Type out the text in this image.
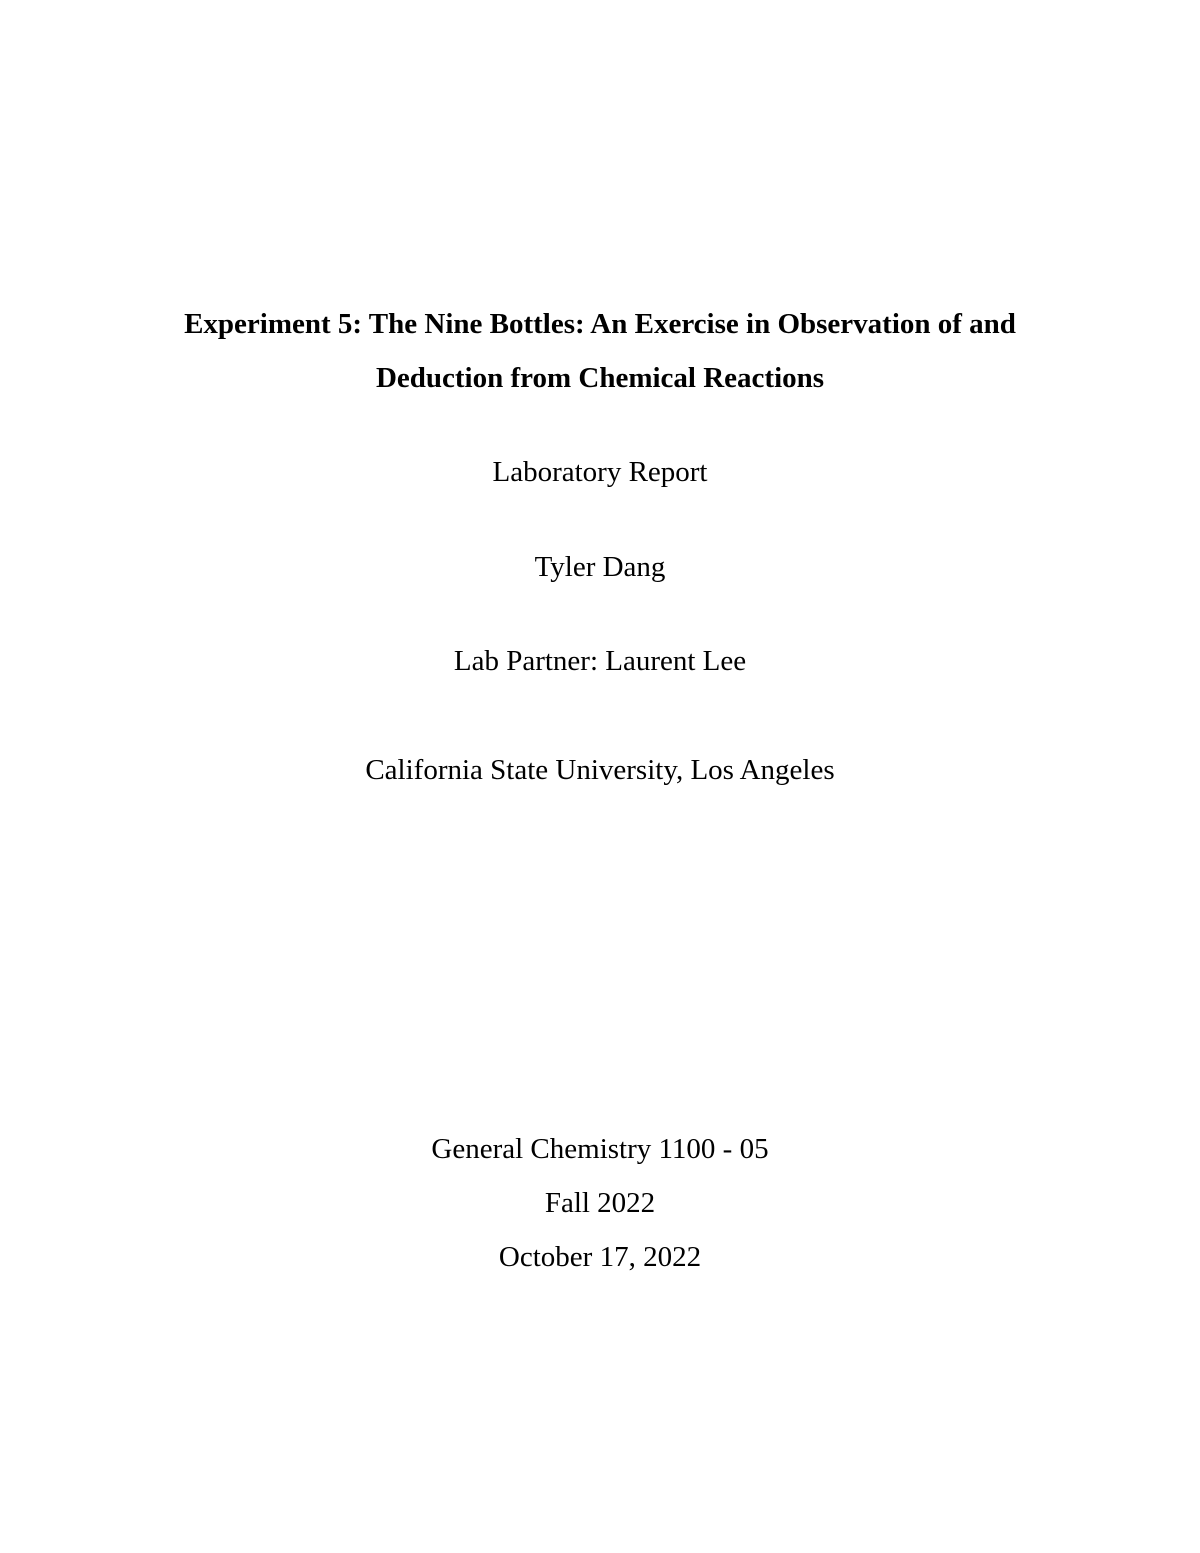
Experiment 5: The Nine Bottles: An Exercise in Observation of and
Deduction from Chemical Reactions
Laboratory Report
Tyler Dang
Lab Partner: Laurent Lee
California State University, Los Angeles
General Chemistry 1100 - 05
Fall 2022
October 17, 2022
